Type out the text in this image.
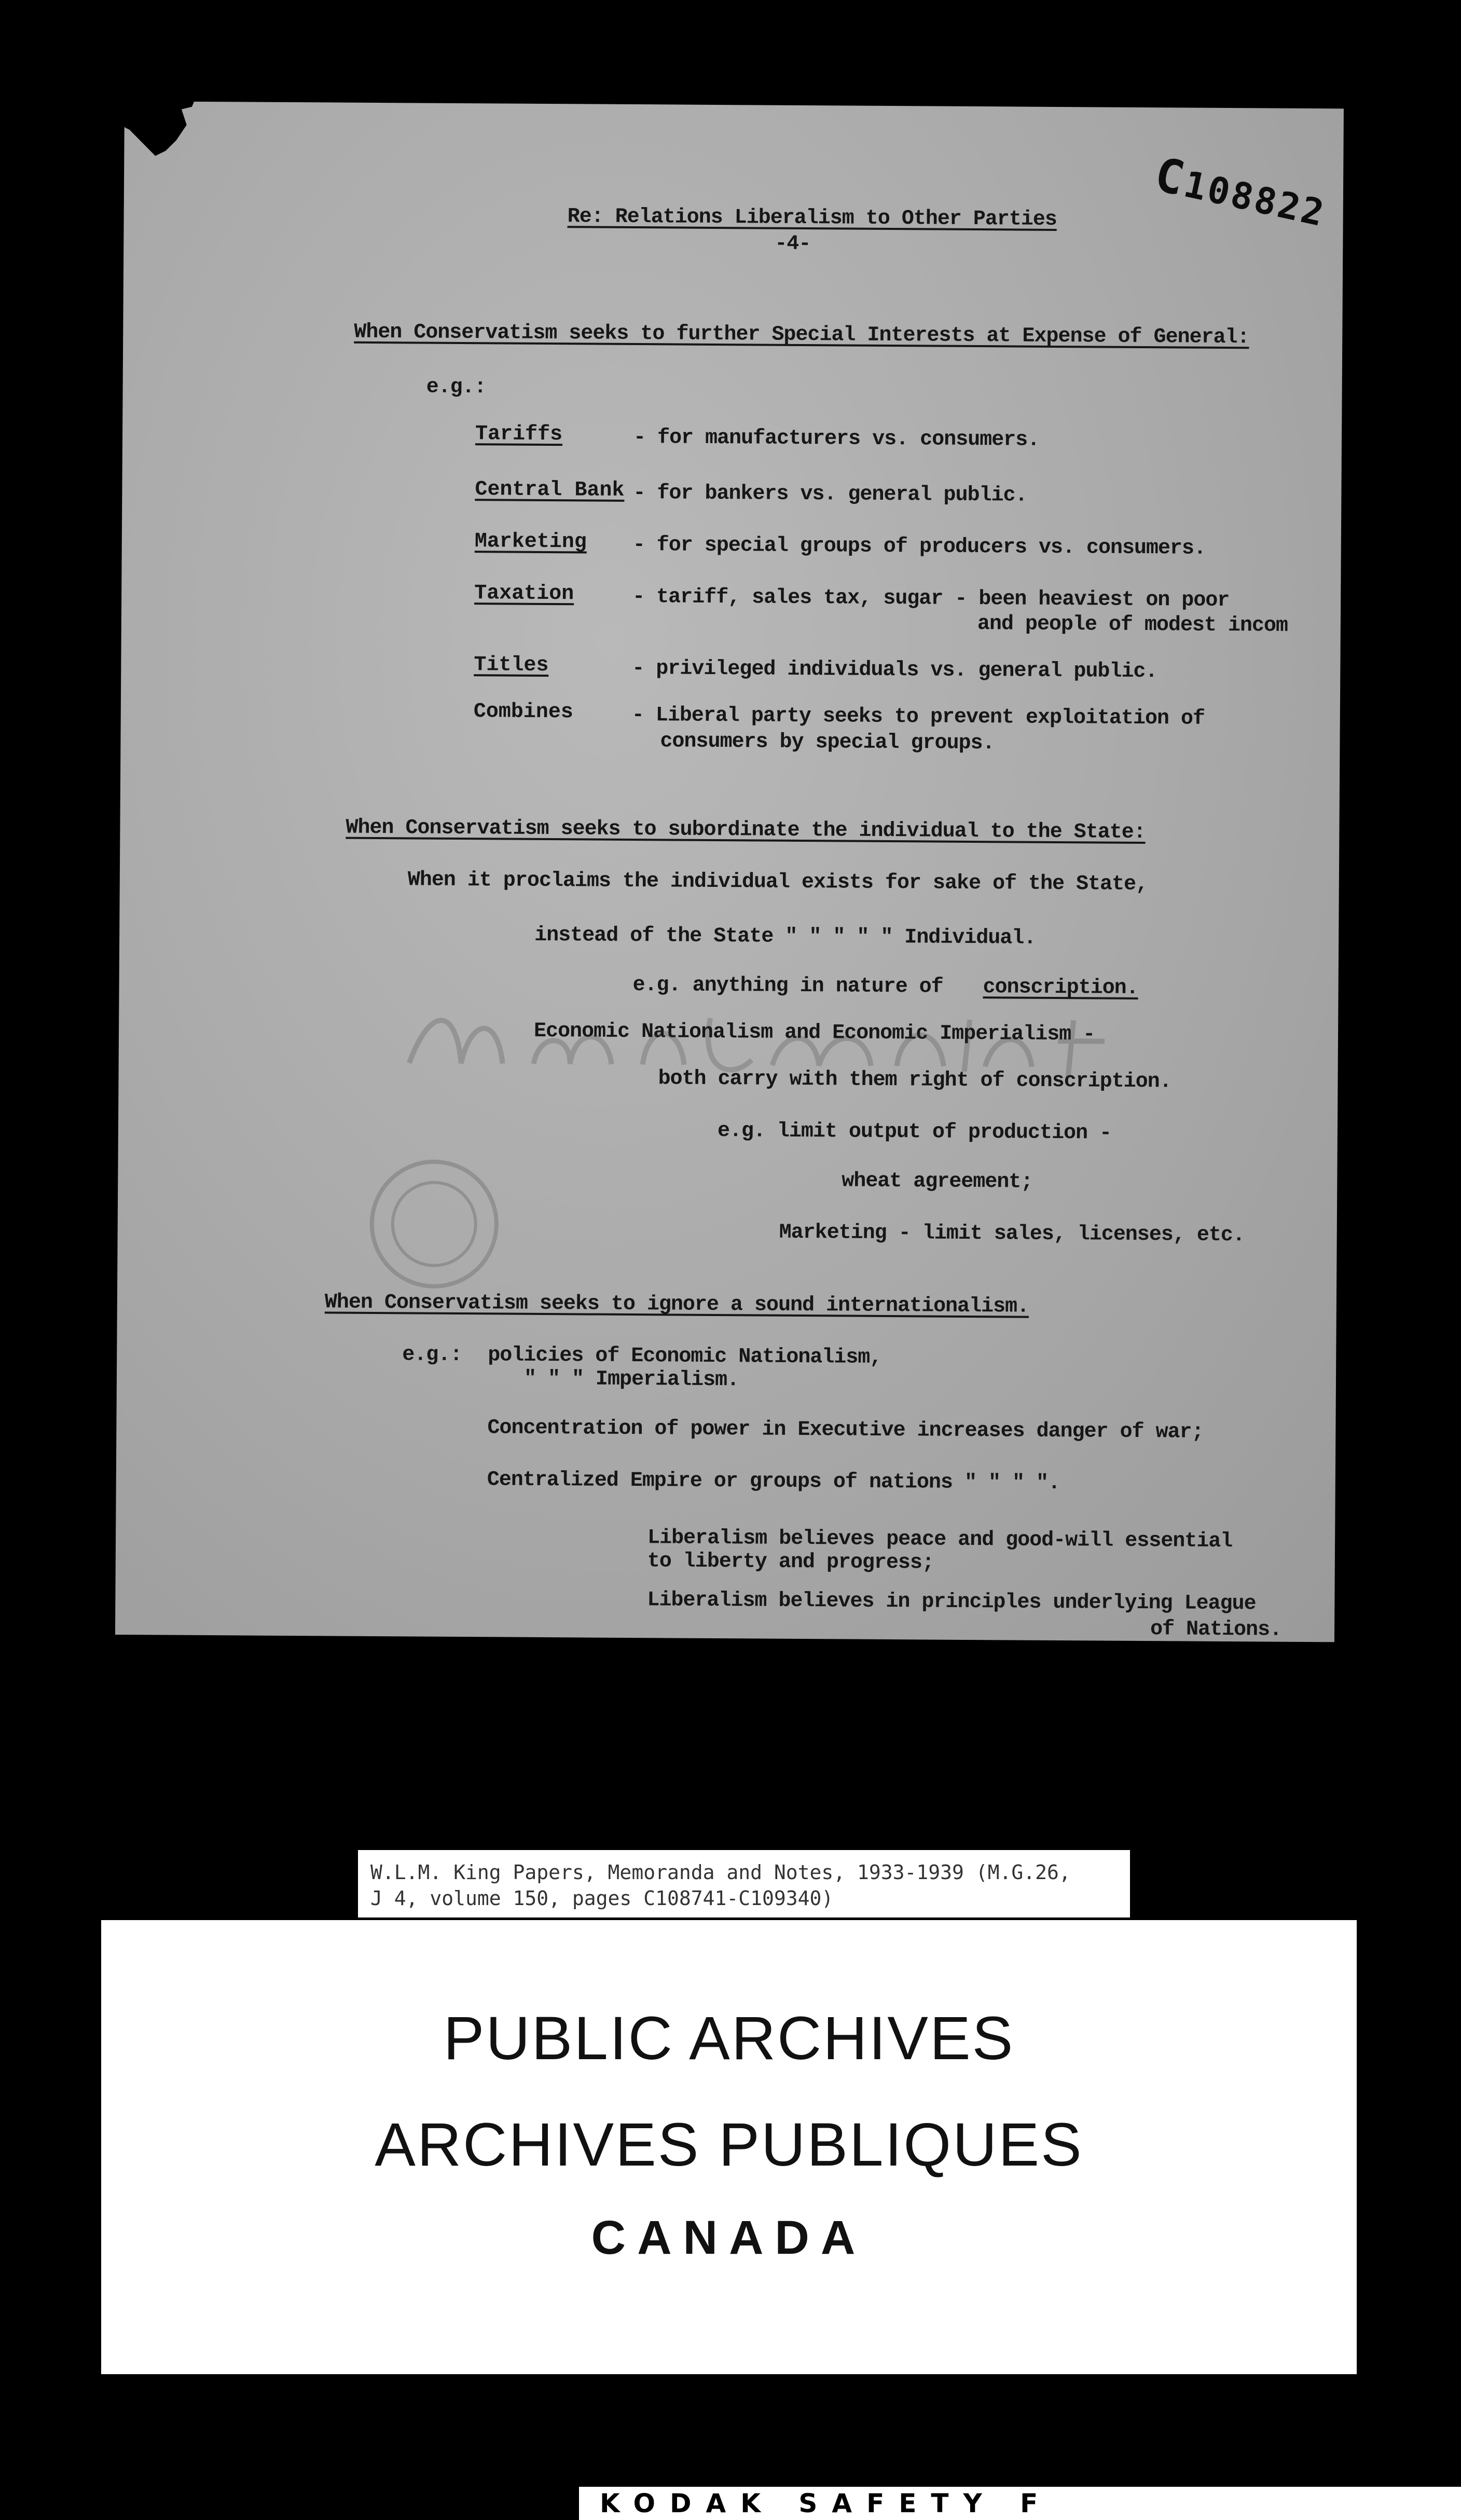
C108822
Re: Relations Liberalism to Other Parties
-4-
When Conservatism seeks to further Special Interests at Expense of General:
e.g.:
Tariffs	- for manufacturers vs. consumers.
Central Bank - for bankers vs. general public.
Marketing - for special groups of producers vs. consumers.
Taxation	- tariff, sales tax, sugar - been heaviest on poor
and people of modest incom
Titles	- privileged individuals vs. general public.
Combines	- Liberal party seeks to prevent exploitation of
consumers by special groups.
When Conservatism seeks to subordinate the individual to the State:
When it proclaims the individual exists for sake of the State,
instead of the State " " " " " Individual.
e.g. anything in nature of conscription.
Economic Nationalism and Economic Imperialism -
both carry with them right of conscription.
e.g. limit output of production -
wheat agreement;
Marketing - limit sales, licenses, etc.
When Conservatism seeks to ignore a sound internationalism.
e.g.: policies of Economic Nationalism,
" " " Imperialism.
Concentration of power in Executive increases danger of war;
Centralized Empire or groups of nations " " " ".
Liberalism believes peace and good-will essential
to liberty and progress;
Liberalism believes in principles underlying League
of Nations.
W.L.M. King Papers, Memoranda and Notes, 1933-1939 (M.G.26,
J 4, volume 150, pages C108741-C109340)
PUBLIC ARCHIVES
ARCHIVES PUBLIQUES
CANADA
KODAK SAFETY F
